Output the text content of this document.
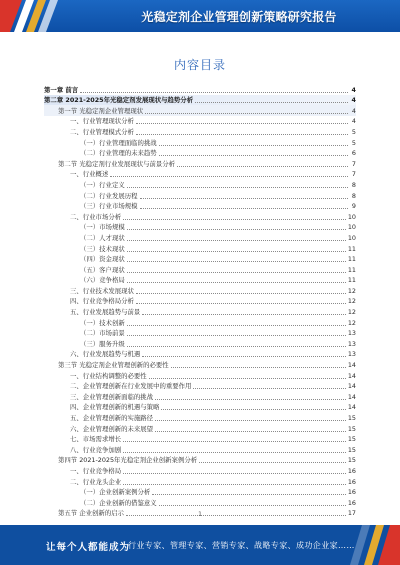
光稳定剂企业管理创新策略研究报告
内容目录
第一章 前言	4
第二章 2021-2025年光稳定剂发展现状与趋势分析	4
第一节 光稳定剂企业管理现状	4
一、行业管理现状分析	4
二、行业管理模式分析	5
（一）行业管理面临的挑战	5
（二）行业管理的未来趋势	6
第二节 光稳定剂行业发展现状与前景分析	7
一、行业概述	7
（一）行业定义	8
（二）行业发展历程	8
（三）行业市场规模	9
二、行业市场分析	10
（一）市场规模	10
（二）人才现状	10
（三）技术现状	11
（四）资金现状	11
（五）客户现状	11
（六）竞争格局	11
三、行业技术发展现状	12
四、行业竞争格局分析	12
五、行业发展趋势与前景	12
（一）技术创新	12
（二）市场前景	13
（三）服务升级	13
六、行业发展趋势与机遇	13
第三节 光稳定剂企业管理创新的必要性	14
一、行业结构调整的必要性	14
二、企业管理创新在行业发展中的重要作用	14
三、企业管理创新面临的挑战	14
四、企业管理创新的机遇与策略	14
五、企业管理创新的实施路径	15
六、企业管理创新的未来展望	15
七、市场需求增长	15
八、行业竞争加剧	15
第四节 2021-2025年光稳定剂企业创新案例分析	15
一、行业竞争格局	16
二、行业龙头企业	16
（一）企业创新案例分析	16
（二）企业创新的借鉴意义	16
第五节 企业创新的启示	17
1
让每个人都能成为
行业专家、管理专家、营销专家、战略专家、成功企业家……
